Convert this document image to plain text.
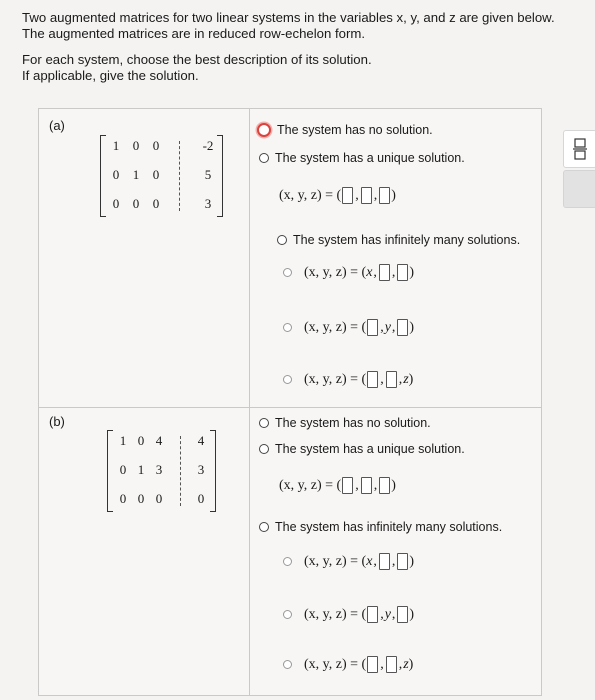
Two augmented matrices for two linear systems in the variables x, y, and z are given below.

The augmented matrices are in reduced row-echelon form.

For each system, choose the best description of its solution.

If applicable, give the solution.

(a)
1	0	0	-2
0	1	0	5
0	0	0	3
The system has no solution.
The system has a unique solution.
(x, y, z) =
( , , )
The system has infinitely many solutions.
(x, y, z) =
( x , , )
(x, y, z) =
( , y , )
(x, y, z) =
( , , z )
(b)
1 0 4	4
0 1 3	3
0 0 0	0
The system has no solution.
The system has a unique solution.
(x, y, z) =
( , , )
The system has infinitely many solutions.
(x, y, z) =
( x , , )
(x, y, z) =
( , y , )
(x, y, z) =
( , , z )
